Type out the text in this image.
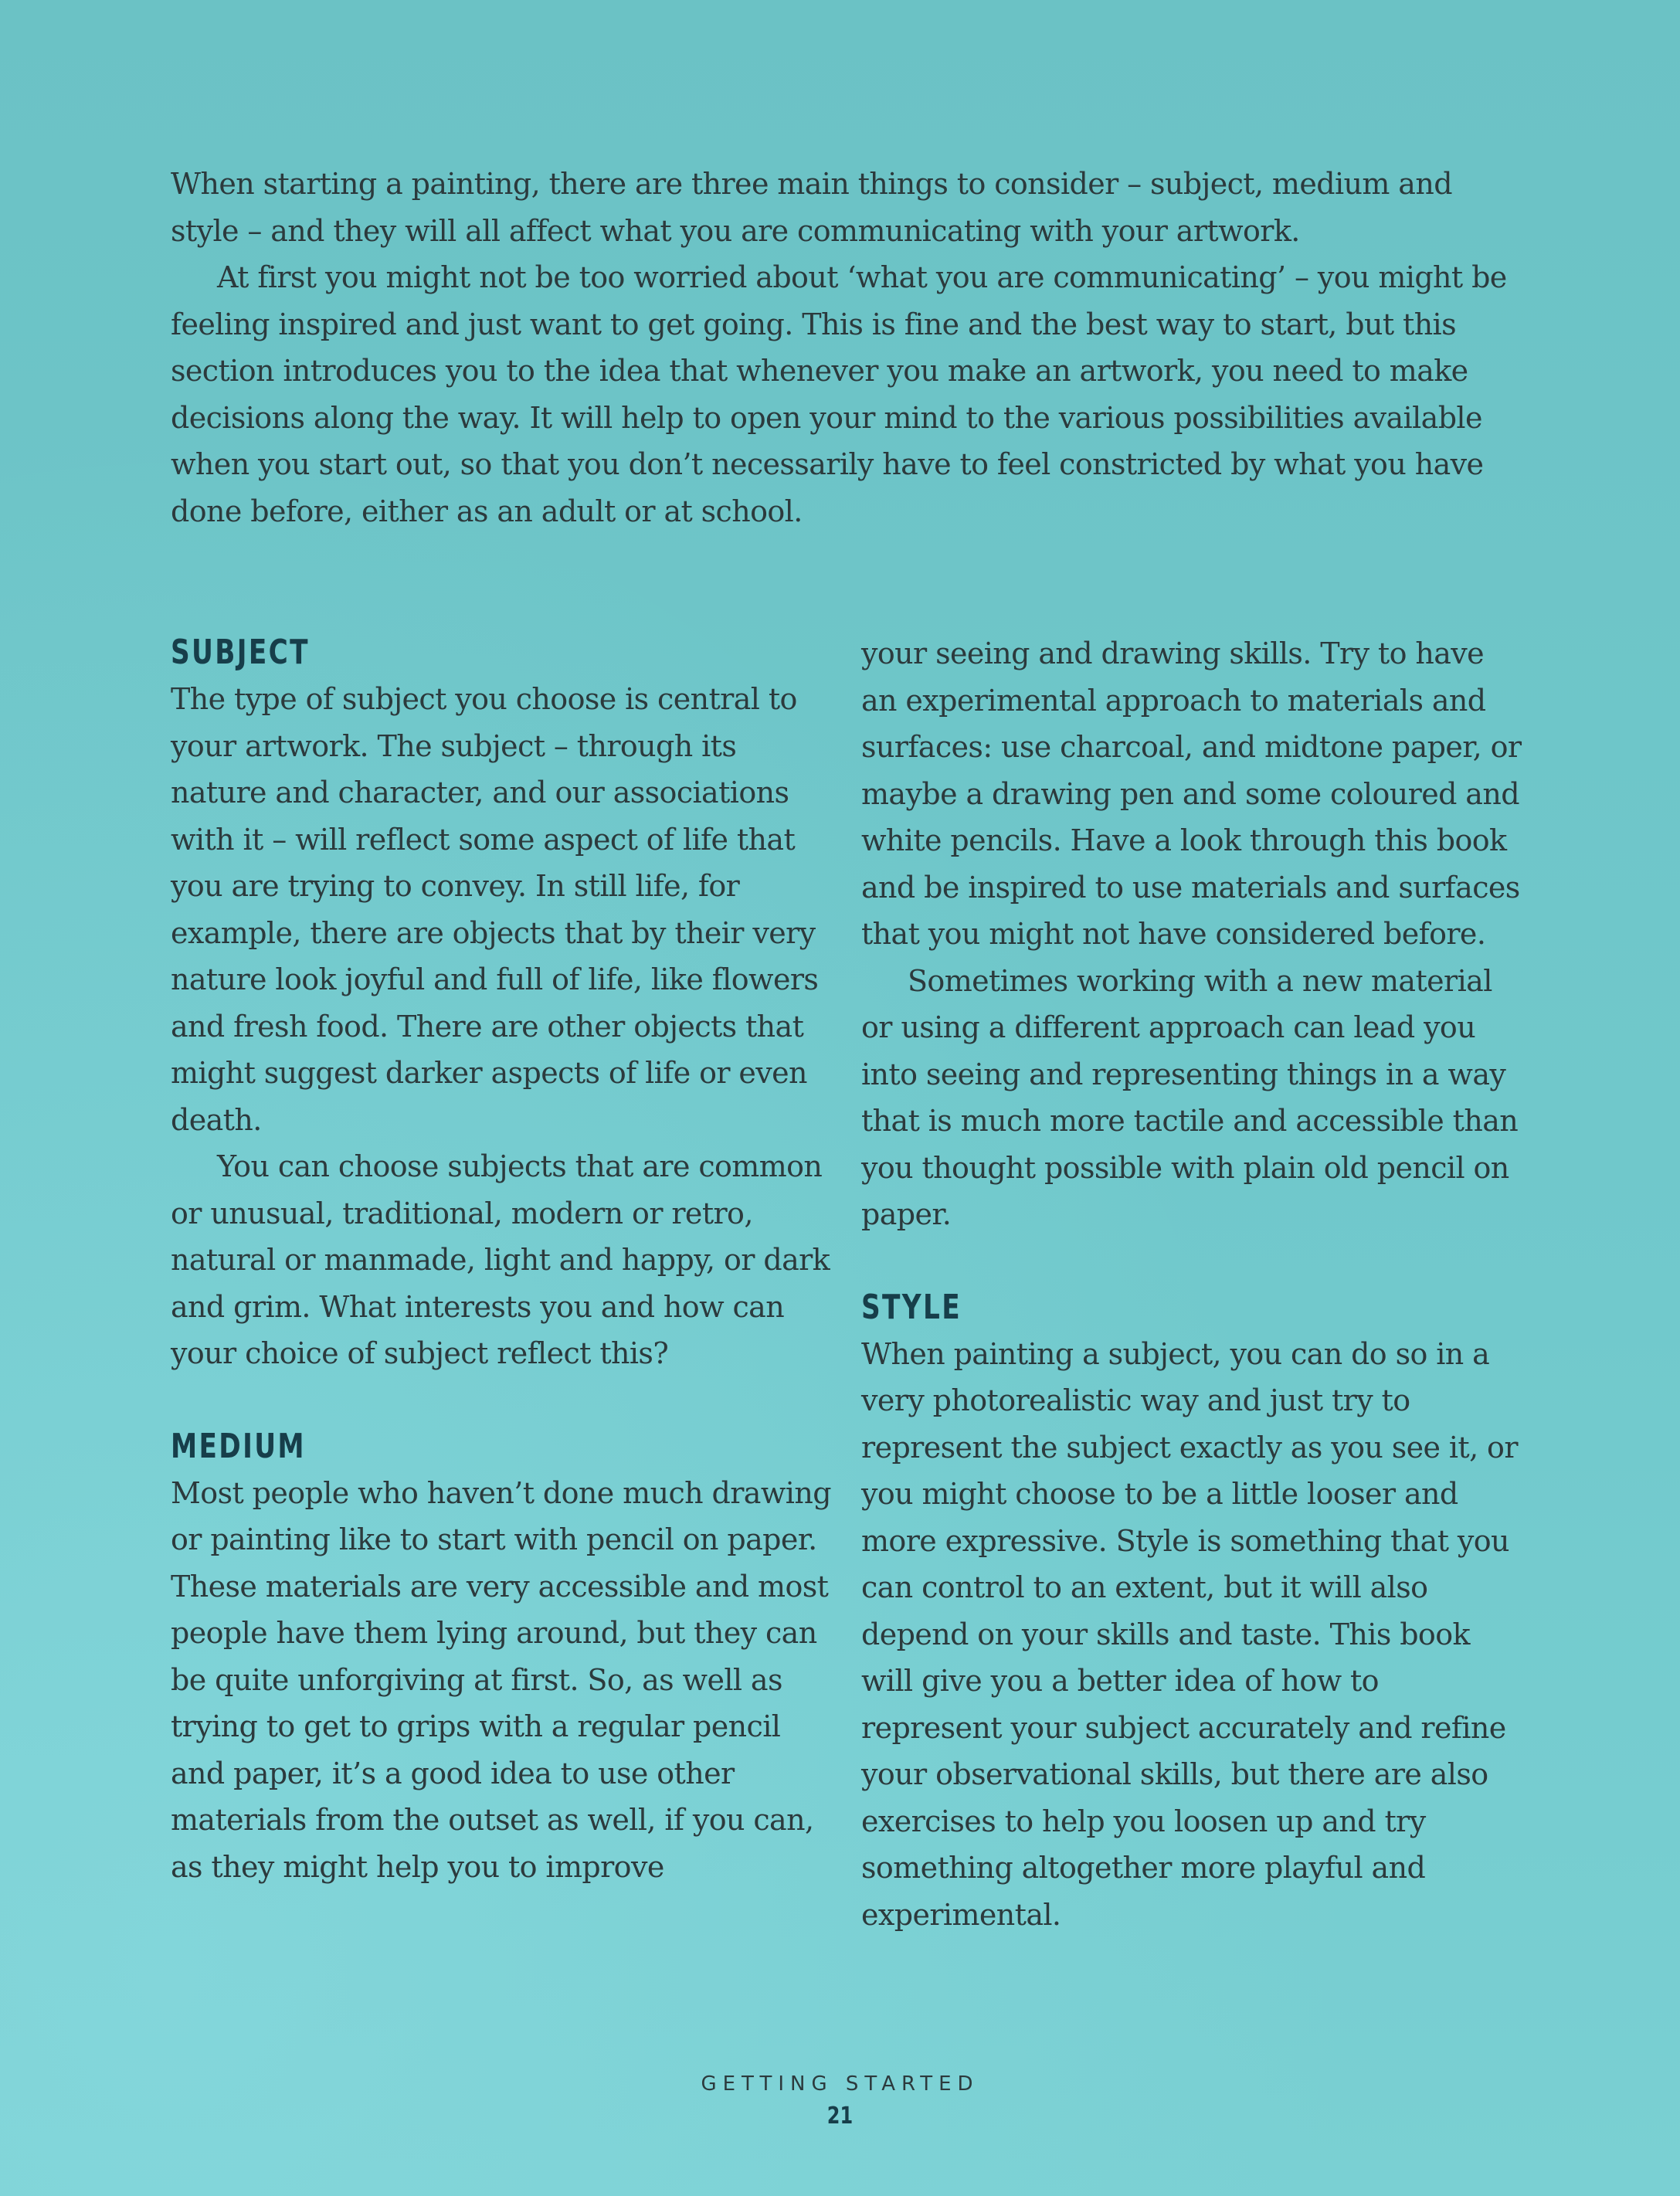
When starting a painting, there are three main things to consider – subject, medium and style – and they will all affect what you are communicating with your artwork.

At first you might not be too worried about ‘what you are communicating’ – you might be feeling inspired and just want to get going. This is fine and the best way to start, but this section introduces you to the idea that whenever you make an artwork, you need to make decisions along the way. It will help to open your mind to the various possibilities available when you start out, so that you don’t necessarily have to feel constricted by what you have done before, either as an adult or at school.

SUBJECT

The type of subject you choose is central to your artwork. The subject – through its nature and character, and our associations with it – will reflect some aspect of life that you are trying to convey. In still life, for example, there are objects that by their very nature look joyful and full of life, like flowers and fresh food. There are other objects that might suggest darker aspects of life or even death.

You can choose subjects that are common or unusual, traditional, modern or retro, natural or manmade, light and happy, or dark and grim. What interests you and how can your choice of subject reflect this?

MEDIUM

Most people who haven’t done much drawing or painting like to start with pencil on paper. These materials are very accessible and most people have them lying around, but they can be quite unforgiving at first. So, as well as trying to get to grips with a regular pencil and paper, it’s a good idea to use other materials from the outset as well, if you can, as they might help you to improve

your seeing and drawing skills. Try to have an experimental approach to materials and surfaces: use charcoal, and midtone paper, or maybe a drawing pen and some coloured and white pencils. Have a look through this book and be inspired to use materials and surfaces that you might not have considered before.

Sometimes working with a new material or using a different approach can lead you into seeing and representing things in a way that is much more tactile and accessible than you thought possible with plain old pencil on paper.

STYLE

When painting a subject, you can do so in a very photorealistic way and just try to represent the subject exactly as you see it, or you might choose to be a little looser and more expressive. Style is something that you can control to an extent, but it will also depend on your skills and taste. This book will give you a better idea of how to represent your subject accurately and refine your observational skills, but there are also exercises to help you loosen up and try something altogether more playful and experimental.

GETTING STARTED
21
